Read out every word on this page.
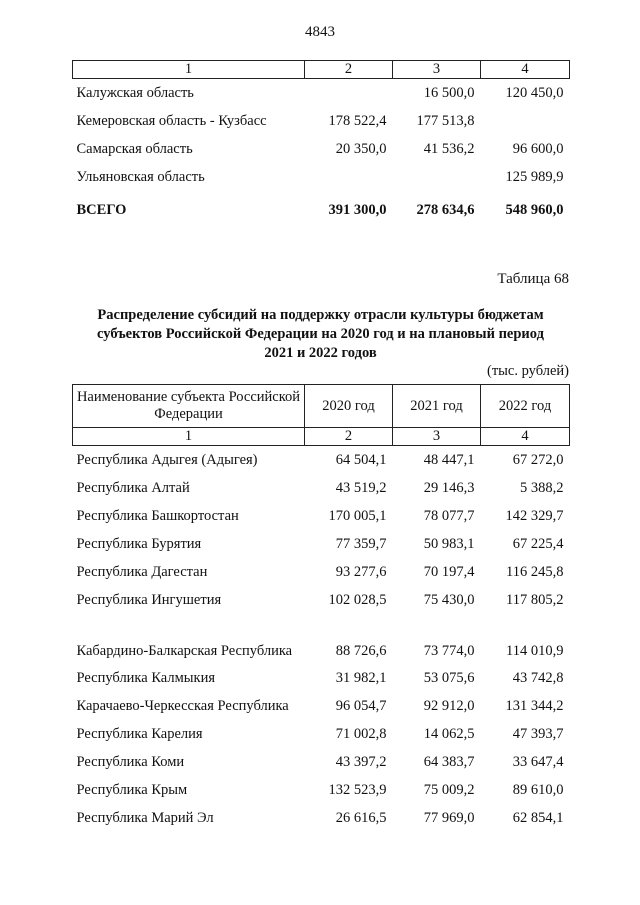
4843
1	2	3	4
Калужская область		16 500,0	120 450,0
Кемеровская область - Кузбасс	178 522,4	177 513,8	
Самарская область	20 350,0	41 536,2	96 600,0
Ульяновская область			125 989,9
ВСЕГО	391 300,0	278 634,6	548 960,0
Таблица 68
Распределение субсидий на поддержку отрасли культуры бюджетам
субъектов Российской Федерации на 2020 год и на плановый период
2021 и 2022 годов
(тыс. рублей)
Наименование субъекта Российской Федерации	2020 год	2021 год	2022 год
1	2	3	4
Республика Адыгея (Адыгея)	64 504,1	48 447,1	67 272,0
Республика Алтай	43 519,2	29 146,3	5 388,2
Республика Башкортостан	170 005,1	78 077,7	142 329,7
Республика Бурятия	77 359,7	50 983,1	67 225,4
Республика Дагестан	93 277,6	70 197,4	116 245,8
Республика Ингушетия	102 028,5	75 430,0	117 805,2
Кабардино-Балкарская Республика	88 726,6	73 774,0	114 010,9
Республика Калмыкия	31 982,1	53 075,6	43 742,8
Карачаево-Черкесская Республика	96 054,7	92 912,0	131 344,2
Республика Карелия	71 002,8	14 062,5	47 393,7
Республика Коми	43 397,2	64 383,7	33 647,4
Республика Крым	132 523,9	75 009,2	89 610,0
Республика Марий Эл	26 616,5	77 969,0	62 854,1
